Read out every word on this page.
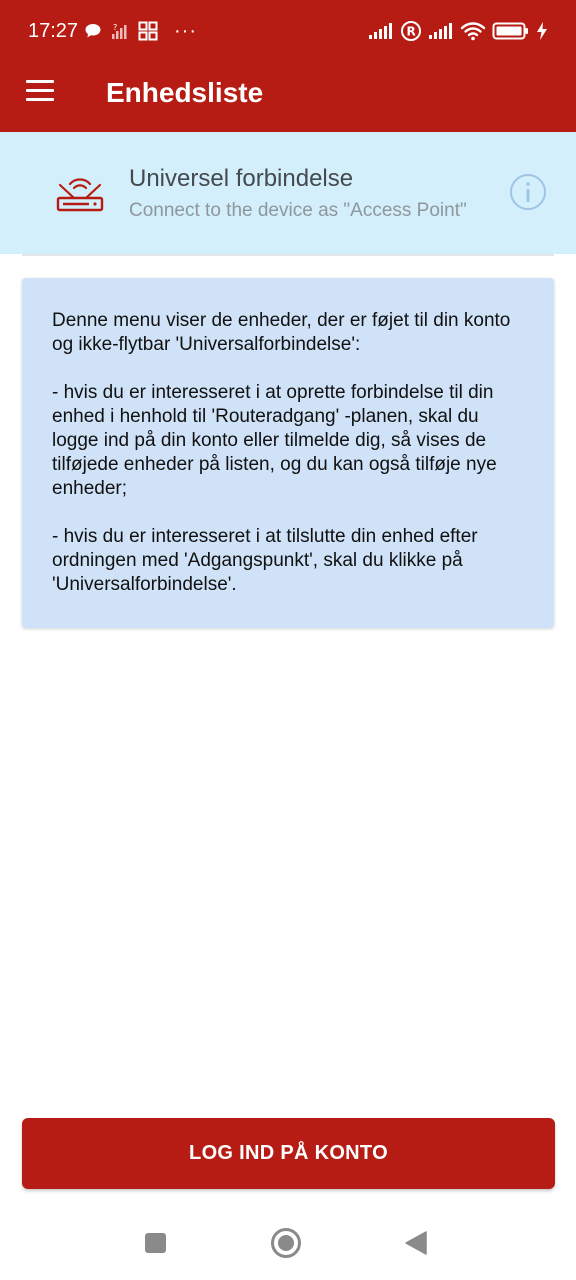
17:27	?	···	R
Enhedsliste
Universel forbindelse
Connect to the device as "Access Point"

Denne menu viser de enheder, der er føjet til din konto og ikke-flytbar 'Universalforbindelse':

- hvis du er interesseret i at oprette forbindelse til din enhed i henhold til 'Routeradgang' -planen, skal du logge ind på din konto eller tilmelde dig, så vises de tilføjede enheder på listen, og du kan også tilføje nye enheder;

- hvis du er interesseret i at tilslutte din enhed efter ordningen med 'Adgangspunkt', skal du klikke på 'Universalforbindelse'.

LOG IND PÅ KONTO
